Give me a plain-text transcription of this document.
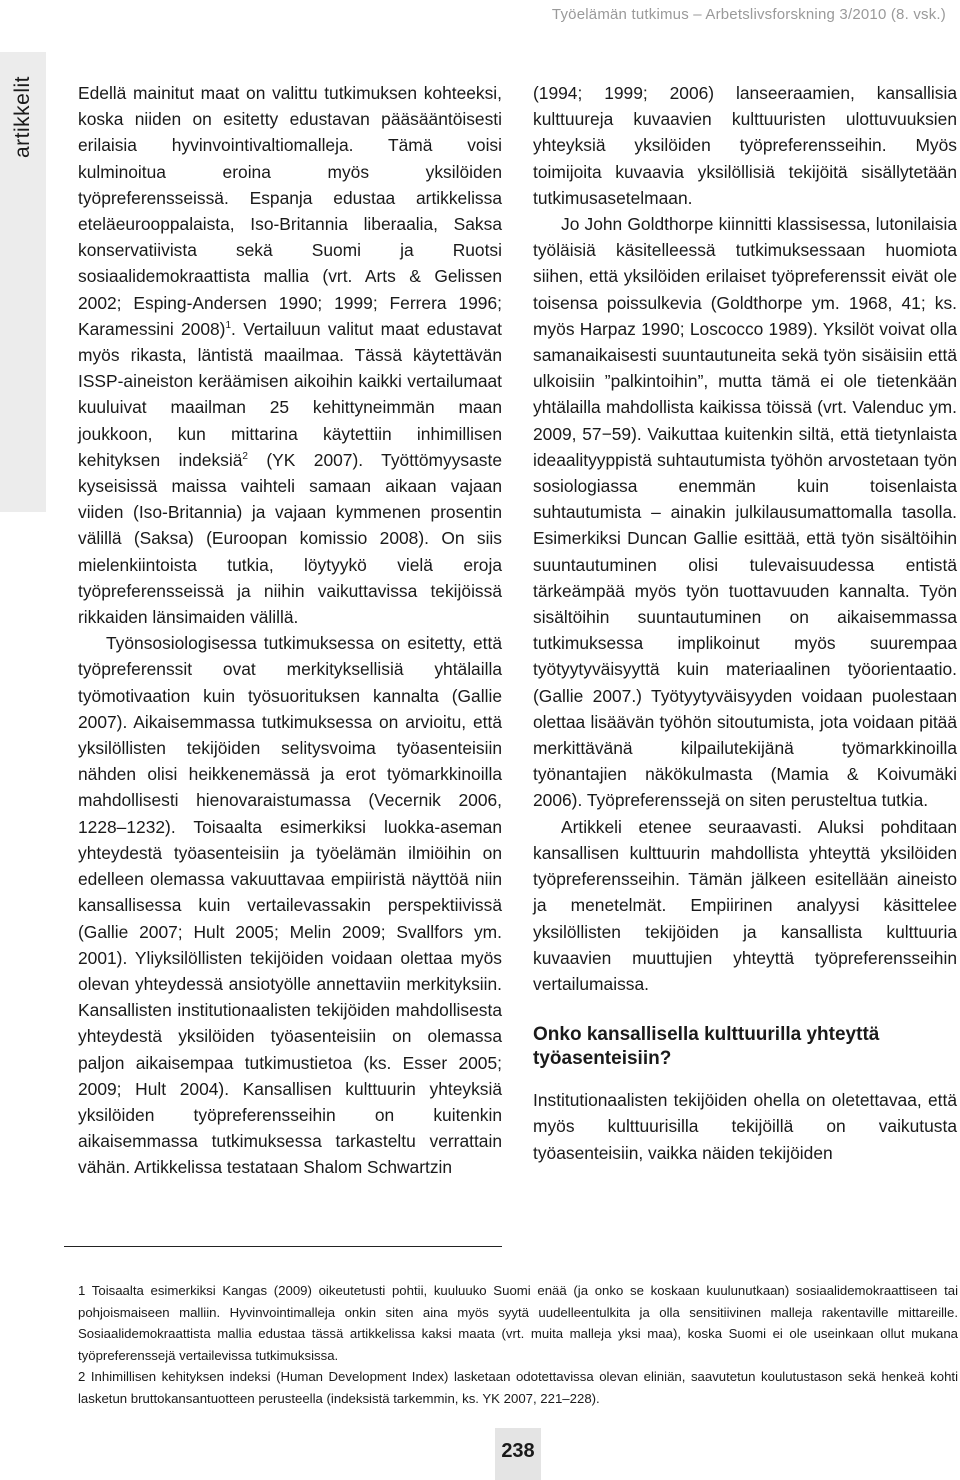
Työelämän tutkimus – Arbetslivsforskning 3/2010 (8. vsk.)
artikkelit	Edellä mainitut maat on valittu tutkimuksen kohteeksi, koska niiden on esitetty edustavan pääsääntöisesti erilaisia hyvinvointivaltiomalleja. Tämä voisi kulminoitua eroina myös yksilöiden työpreferensseissä. Espanja edustaa artikkelissa eteläeurooppalaista, Iso-Britannia liberaalia, Saksa konservatiivista sekä Suomi ja Ruotsi sosiaalidemokraattista mallia (vrt. Arts & Gelissen 2002; Esping-Andersen 1990; 1999; Ferrera 1996; Karamessini 2008)$^1$. Vertailuun valitut maat edustavat myös rikasta, läntistä maailmaa. Tässä käytettävän ISSP-aineiston keräämisen aikoihin kaikki vertailumaat kuuluivat maailman 25 kehittyneimmän maan joukkoon, kun mittarina käytettiin inhimillisen kehityksen indeksiä$^2$ (YK 2007). Työttömyysaste kyseisissä maissa vaihteli samaan aikaan vajaan viiden (Iso-Britannia) ja vajaan kymmenen prosentin välillä (Saksa) (Euroopan komissio 2008). On siis mielenkiintoista tutkia, löytyykö vielä eroja työpreferensseissä ja niihin vaikuttavissa tekijöissä rikkaiden länsimaiden välillä.

Työnsosiologisessa tutkimuksessa on esitetty, että työpreferenssit ovat merkityksellisiä yhtälailla työmotivaation kuin työsuorituksen kannalta (Gallie 2007). Aikaisemmassa tutkimuksessa on arvioitu, että yksilöllisten tekijöiden selitysvoima työasenteisiin nähden olisi heikkenemässä ja erot työmarkkinoilla mahdollisesti hienovaraistumassa (Vecernik 2006, 1228–1232). Toisaalta esimerkiksi luokka-aseman yhteydestä työasenteisiin ja työelämän ilmiöihin on edelleen olemassa vakuuttavaa empiiristä näyttöä niin kansallisessa kuin vertailevassakin perspektiivissä (Gallie 2007; Hult 2005; Melin 2009; Svallfors ym. 2001). Yliyksilöllisten tekijöiden voidaan olettaa myös olevan yhteydessä ansiotyölle annettaviin merkityksiin. Kansallisten institutionaalisten tekijöiden mahdollisesta yhteydestä yksilöiden työasenteisiin on olemassa paljon aikaisempaa tutkimustietoa (ks. Esser 2005; 2009; Hult 2004). Kansallisen kulttuurin yhteyksiä yksilöiden työpreferensseihin on kuitenkin aikaisemmassa tutkimuksessa tarkasteltu verrattain vähän. Artikkelissa testataan Shalom Schwartzin

(1994; 1999; 2006) lanseeraamien, kansallisia kulttuureja kuvaavien kulttuuristen ulottuvuuksien yhteyksiä yksilöiden työpreferensseihin. Myös toimijoita kuvaavia yksilöllisiä tekijöitä sisällytetään tutkimusasetelmaan.

Jo John Goldthorpe kiinnitti klassisessa, lutonilaisia työläisiä käsitelleessä tutkimuksessaan huomiota siihen, että yksilöiden erilaiset työpreferenssit eivät ole toisensa poissulkevia (Goldthorpe ym. 1968, 41; ks. myös Harpaz 1990; Loscocco 1989). Yksilöt voivat olla samanaikaisesti suuntautuneita sekä työn sisäisiin että ulkoisiin ”palkintoihin”, mutta tämä ei ole tietenkään yhtälailla mahdollista kaikissa töissä (vrt. Valenduc ym. 2009, 57−59). Vaikuttaa kuitenkin siltä, että tietynlaista ideaalityyppistä suhtautumista työhön arvostetaan työn sosiologiassa enemmän kuin toisenlaista suhtautumista – ainakin julkilausumattomalla tasolla. Esimerkiksi Duncan Gallie esittää, että työn sisältöihin suuntautuminen olisi tulevaisuudessa entistä tärkeämpää myös työn tuottavuuden kannalta. Työn sisältöihin suuntautuminen on aikaisemmassa tutkimuksessa implikoinut myös suurempaa työtyytyväisyyttä kuin materiaalinen työorientaatio. (Gallie 2007.) Työtyytyväisyyden voidaan puolestaan olettaa lisäävän työhön sitoutumista, jota voidaan pitää merkittävänä kilpailutekijänä työmarkkinoilla työnantajien näkökulmasta (Mamia & Koivumäki 2006). Työpreferenssejä on siten perusteltua tutkia.

Artikkeli etenee seuraavasti. Aluksi pohditaan kansallisen kulttuurin mahdollista yhteyttä yksilöiden työpreferensseihin. Tämän jälkeen esitellään aineisto ja menetelmät. Empiirinen analyysi käsittelee yksilöllisten tekijöiden ja kansallista kulttuuria kuvaavien muuttujien yhteyttä työpreferensseihin vertailumaissa.

Onko kansallisella kulttuurilla yhteyttä työasenteisiin?

Institutionaalisten tekijöiden ohella on oletettavaa, että myös kulttuurisilla tekijöillä on vaikutusta työasenteisiin, vaikka näiden tekijöiden

1 Toisaalta esimerkiksi Kangas (2009) oikeutetusti pohtii, kuuluuko Suomi enää (ja onko se koskaan kuulunutkaan) sosiaalidemokraattiseen tai pohjoismaiseen malliin. Hyvinvointimalleja onkin siten aina myös syytä uudelleentulkita ja olla sensitiivinen malleja rakentaville mittareille. Sosiaalidemokraattista mallia edustaa tässä artikkelissa kaksi maata (vrt. muita malleja yksi maa), koska Suomi ei ole useinkaan ollut mukana työpreferenssejä vertailevissa tutkimuksissa.

2 Inhimillisen kehityksen indeksi (Human Development Index) lasketaan odotettavissa olevan eliniän, saavutetun koulutustason sekä henkeä kohti lasketun bruttokansantuotteen perusteella (indeksistä tarkemmin, ks. YK 2007, 221–228).

238
